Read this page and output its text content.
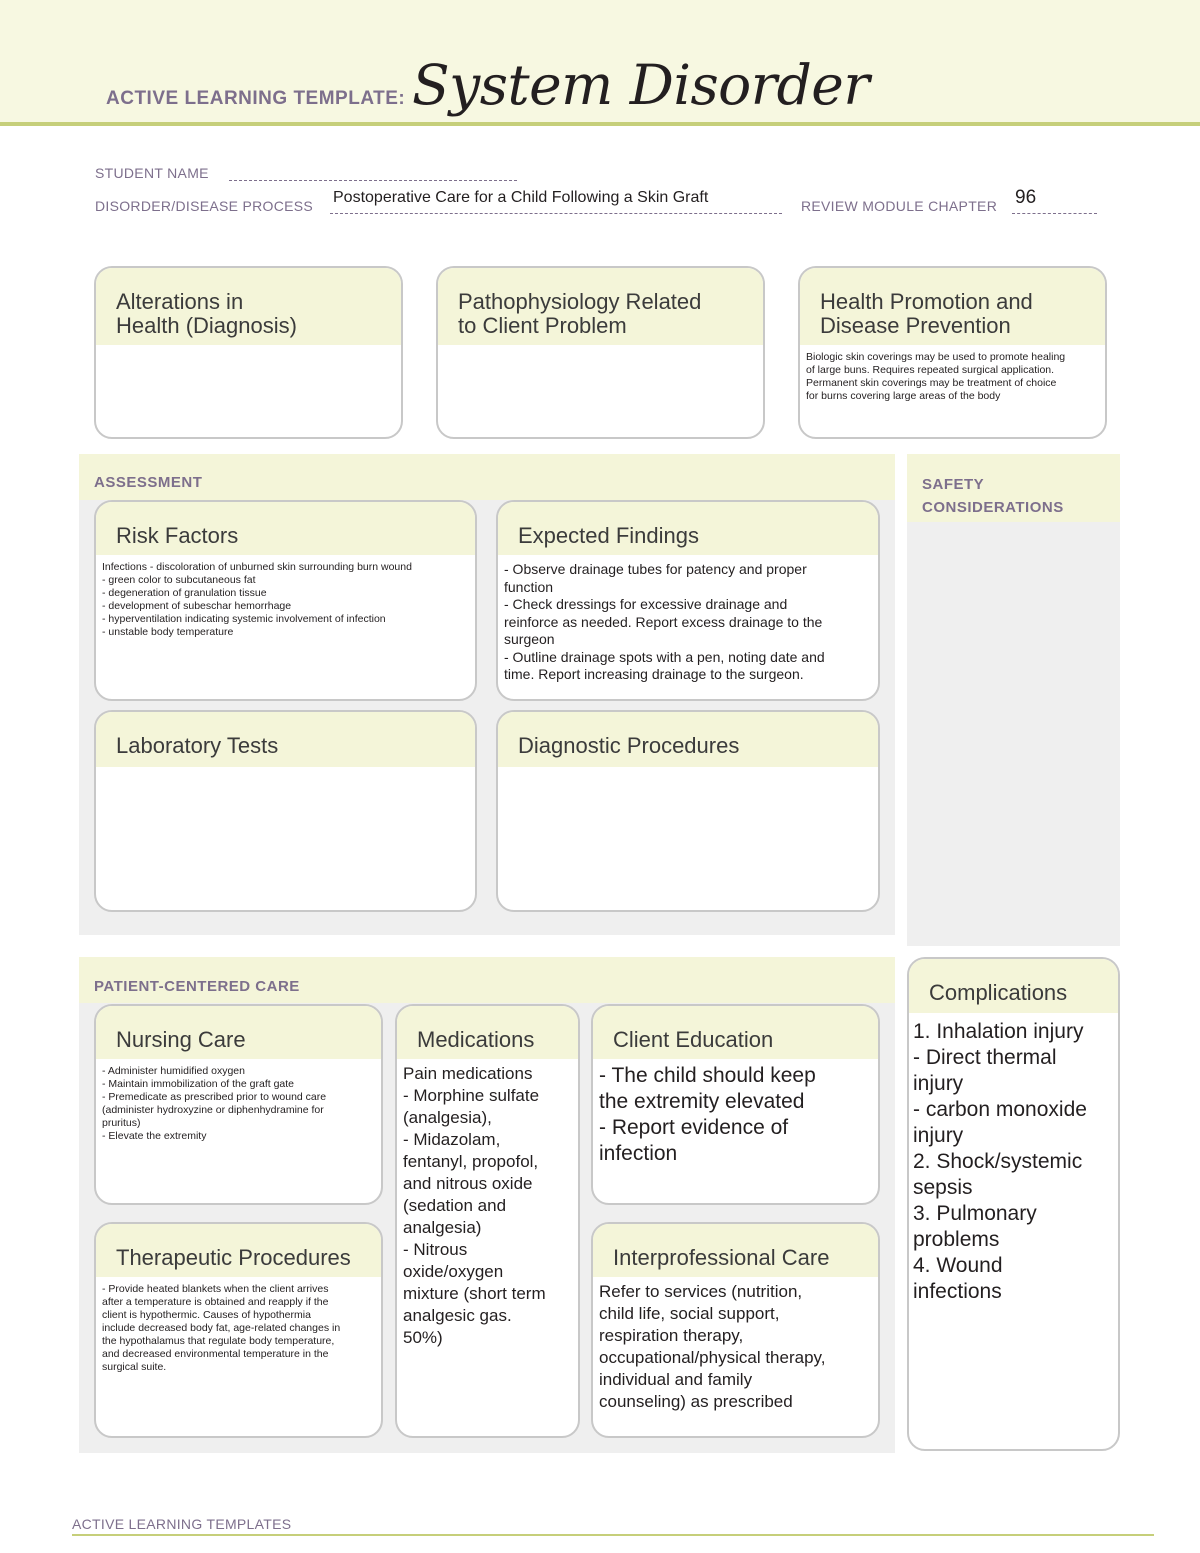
ACTIVE LEARNING TEMPLATE: System Disorder
STUDENT NAME
DISORDER/DISEASE PROCESS Postoperative Care for a Child Following a Skin Graft	REVIEW MODULE CHAPTER 96
Alterations in
Health (Diagnosis)
Pathophysiology Related
to Client Problem
Health Promotion and
Disease Prevention
Biologic skin coverings may be used to promote healing
of large buns. Requires repeated surgical application.
Permanent skin coverings may be treatment of choice
for burns covering large areas of the body
ASSESSMENT
Risk Factors
Infections - discoloration of unburned skin surrounding burn wound
- green color to subcutaneous fat
- degeneration of granulation tissue
- development of subeschar hemorrhage
- hyperventilation indicating systemic involvement of infection
- unstable body temperature
Expected Findings
- Observe drainage tubes for patency and proper
function
- Check dressings for excessive drainage and
reinforce as needed. Report excess drainage to the
surgeon
- Outline drainage spots with a pen, noting date and
time. Report increasing drainage to the surgeon.
Laboratory Tests	Diagnostic Procedures
SAFETY
CONSIDERATIONS
PATIENT-CENTERED CARE
Nursing Care
- Administer humidified oxygen
- Maintain immobilization of the graft gate
- Premedicate as prescribed prior to wound care
(administer hydroxyzine or diphenhydramine for
pruritus)
- Elevate the extremity
Medications
Pain medications
- Morphine sulfate
(analgesia),
- Midazolam,
fentanyl, propofol,
and nitrous oxide
(sedation and
analgesia)
- Nitrous
oxide/oxygen
mixture (short term
analgesic gas.
50%)
Client Education
- The child should keep
the extremity elevated
- Report evidence of
infection
Therapeutic Procedures
- Provide heated blankets when the client arrives
after a temperature is obtained and reapply if the
client is hypothermic. Causes of hypothermia
include decreased body fat, age-related changes in
the hypothalamus that regulate body temperature,
and decreased environmental temperature in the
surgical suite.
Interprofessional Care
Refer to services (nutrition,
child life, social support,
respiration therapy,
occupational/physical therapy,
individual and family
counseling) as prescribed
Complications
1. Inhalation injury
- Direct thermal
injury
- carbon monoxide
injury
2. Shock/systemic
sepsis
3. Pulmonary
problems
4. Wound
infections
ACTIVE LEARNING TEMPLATES
